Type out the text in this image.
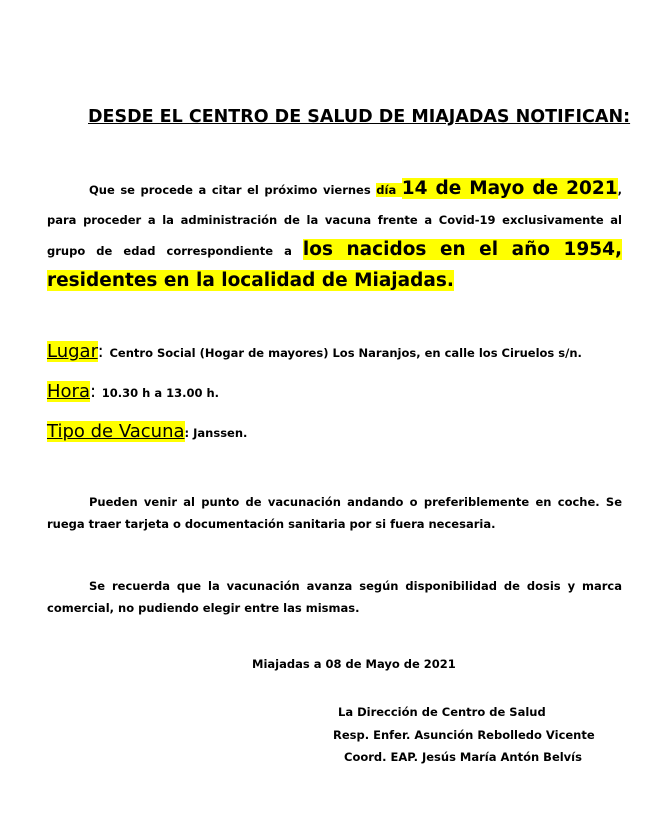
DESDE EL CENTRO DE SALUD DE MIAJADAS NOTIFICAN:
Que se procede a citar el próximo viernes día 14 de Mayo de 2021, para proceder a la administración de la vacuna frente a Covid-19 exclusivamente al grupo de edad correspondiente a los nacidos en el año 1954, residentes en la localidad de Miajadas.
Lugar: Centro Social (Hogar de mayores) Los Naranjos, en calle los Ciruelos s/n.
Hora: 10.30 h a 13.00 h.
Tipo de Vacuna: Janssen.
Pueden venir al punto de vacunación andando o preferiblemente en coche. Se ruega traer tarjeta o documentación sanitaria por si fuera necesaria.
Se recuerda que la vacunación avanza según disponibilidad de dosis y marca comercial, no pudiendo elegir entre las mismas.
Miajadas a 08 de Mayo de 2021
La Dirección de Centro de Salud
Resp. Enfer. Asunción Rebolledo Vicente
Coord. EAP. Jesús María Antón Belvís
